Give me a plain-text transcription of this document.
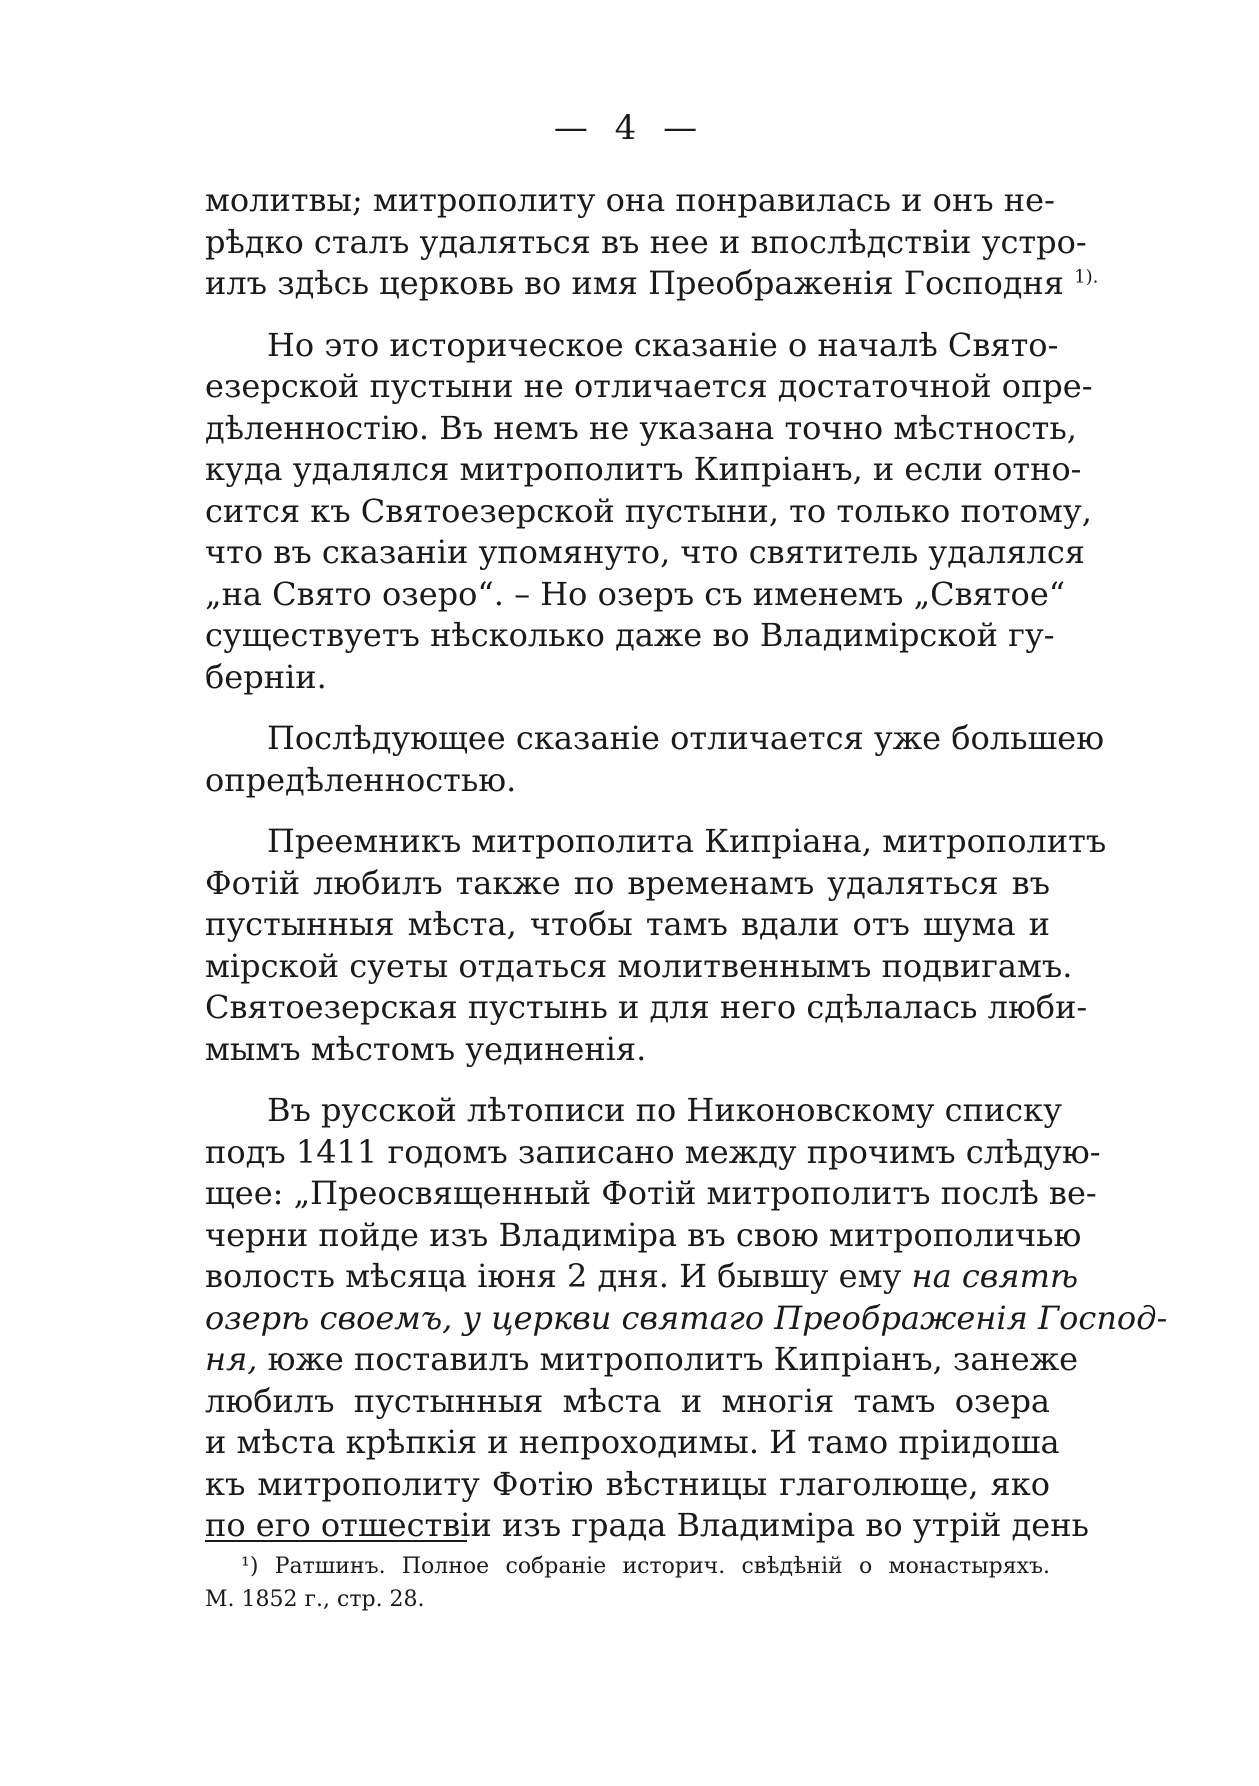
— 4 —
молитвы; митрополиту она понравилась и онъ не-
рѣдко сталъ удаляться въ нее и впослѣдствіи устро-
илъ здѣсь церковь во имя Преображенія Господня $^{1).}$
Но это историческое сказаніе о началѣ Свято-
езерской пустыни не отличается достаточной опре-
дѣленностію. Въ немъ не указана точно мѣстность,
куда удалялся митрополитъ Кипріанъ, и если отно-
сится къ Святоезерской пустыни, то только потому,
что въ сказаніи упомянуто, что святитель удалялся
„на Свято озеро“. – Но озеръ съ именемъ „Святое“
существуетъ нѣсколько даже во Владимірской гу-
берніи.
Послѣдующее сказаніе отличается уже большею
опредѣленностью.
Преемникъ митрополита Кипріана, митрополитъ
Фотій любилъ также по временамъ удаляться въ
пустынныя мѣста, чтобы тамъ вдали отъ шума и
мірской суеты отдаться молитвеннымъ подвигамъ.
Святоезерская пустынь и для него сдѣлалась люби-
мымъ мѣстомъ уединенія.
Въ русской лѣтописи по Никоновскому списку
подъ 1411 годомъ записано между прочимъ слѣдую-
щее: „Преосвященный Фотій митрополитъ послѣ ве-
черни пойде изъ Владиміра въ свою митрополичью
волость мѣсяца іюня 2 дня. И бывшу ему на святѣ
озерѣ своемъ, у церкви святаго Преображенія Господ-
ня, юже поставилъ митрополитъ Кипріанъ, занеже
любилъ пустынныя мѣста и многія тамъ озера
и мѣста крѣпкія и непроходимы. И тамо пріидоша
къ митрополиту Фотію вѣстницы глаголюще, яко
по его отшествіи изъ града Владиміра во утрій день
¹) Ратшинъ. Полное собраніе историч. свѣдѣній о монастыряхъ.
М. 1852 г., стр. 28.
